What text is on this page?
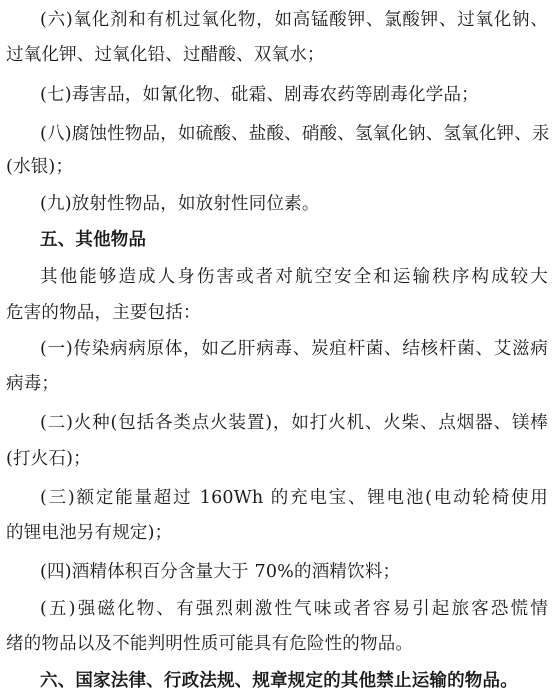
(六)氧化剂和有机过氧化物，如高锰酸钾、氯酸钾、过氧化钠、

过氧化钾、过氧化铅、过醋酸、双氧水；

(七)毒害品，如氰化物、砒霜、剧毒农药等剧毒化学品；

(八)腐蚀性物品，如硫酸、盐酸、硝酸、氢氧化钠、氢氧化钾、汞

(水银)；

(九)放射性物品，如放射性同位素。

五、其他物品

其他能够造成人身伤害或者对航空安全和运输秩序构成较大

危害的物品，主要包括：

(一)传染病病原体，如乙肝病毒、炭疽杆菌、结核杆菌、艾滋病

病毒；

(二)火种(包括各类点火装置)，如打火机、火柴、点烟器、镁棒

(打火石)；

(三)额定能量超过 160Wh 的充电宝、锂电池(电动轮椅使用

的锂电池另有规定)；

(四)酒精体积百分含量大于 70%的酒精饮料；

(五)强磁化物、有强烈刺激性气味或者容易引起旅客恐慌情

绪的物品以及不能判明性质可能具有危险性的物品。

六、国家法律、行政法规、规章规定的其他禁止运输的物品。
